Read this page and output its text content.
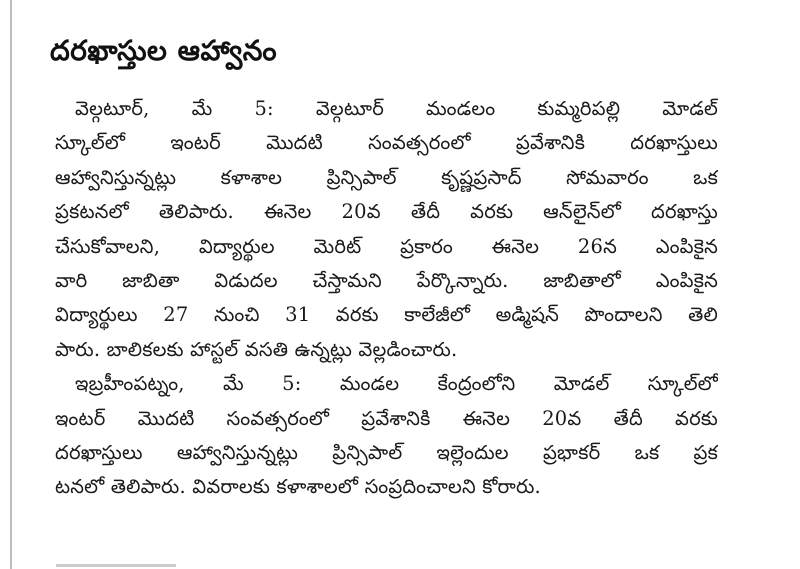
దరఖాస్తుల ఆహ్వానం
వెల్గటూర్, మే 5: వెల్గటూర్ మండలం కుమ్మరిపల్లి మోడల్
స్కూల్‌లో ఇంటర్ మొదటి సంవత్సరంలో ప్రవేశానికి దరఖాస్తులు
ఆహ్వానిస్తున్నట్లు కళాశాల ప్రిన్సిపాల్ కృష్ణప్రసాద్ సోమవారం ఒక
ప్రకటనలో తెలిపారు. ఈనెల 20వ తేదీ వరకు ఆన్‌లైన్‌లో దరఖాస్తు
చేసుకోవాలని, విద్యార్థుల మెరిట్ ప్రకారం ఈనెల 26న ఎంపికైన
వారి జాబితా విడుదల చేస్తామని పేర్కొన్నారు. జాబితాలో ఎంపికైన
విద్యార్థులు 27 నుంచి 31 వరకు కాలేజీలో అడ్మిషన్ పొందాలని తెలి
పారు. బాలికలకు హాస్టల్ వసతి ఉన్నట్లు వెల్లడించారు.
ఇబ్రహీంపట్నం, మే 5: మండల కేంద్రంలోని మోడల్ స్కూల్‌లో
ఇంటర్ మొదటి సంవత్సరంలో ప్రవేశానికి ఈనెల 20వ తేదీ వరకు
దరఖాస్తులు ఆహ్వానిస్తున్నట్లు ప్రిన్సిపాల్ ఇల్లెందుల ప్రభాకర్ ఒక ప్రక
టనలో తెలిపారు. వివరాలకు కళాశాలలో సంప్రదించాలని కోరారు.
